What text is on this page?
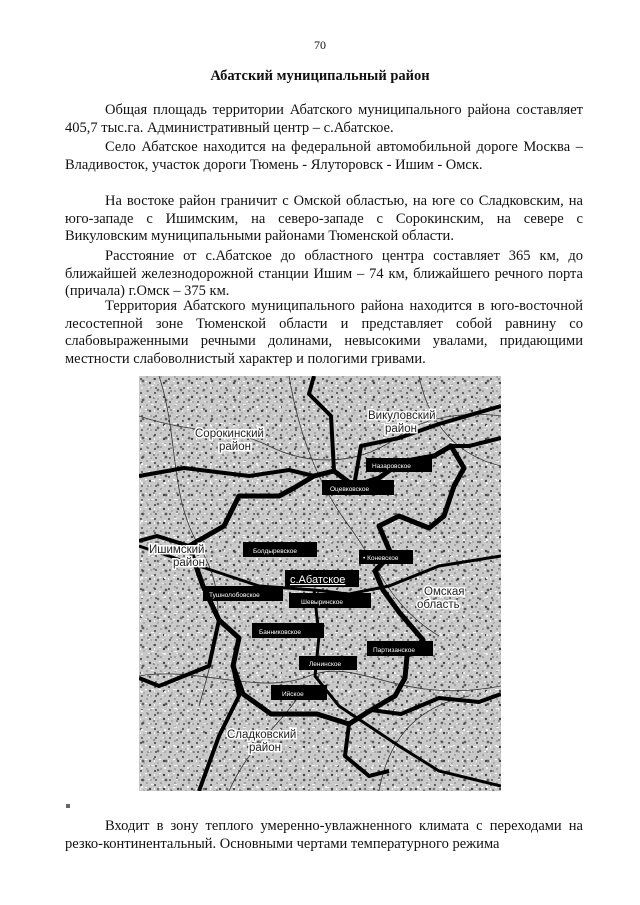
70
Абатский муниципальный район

Общая площадь территории Абатского муниципального района составляет 405,7 тыс.га. Административный центр – с.Абатское.

Село Абатское находится на федеральной автомобильной дороге Москва – Владивосток, участок дороги Тюмень - Ялуторовск - Ишим - Омск.

На востоке район граничит с Омской областью, на юге со Сладковским, на юго-западе с Ишимским, на северо-западе с Сорокинским, на севере с Викуловским муниципальными районами Тюменской области.

Расстояние от с.Абатское до областного центра составляет 365 км, до ближайшей железнодорожной станции Ишим – 74 км, ближайшего речного порта (причала) г.Омск – 375 км.

Территория Абатского муниципального района находится в юго-восточной лесостепной зоне Тюменской области и представляет собой равнину со слабовыраженными речными долинами, невысокими увалами, придающими местности слабоволнистый характер и пологими гривами.

Сорокинский
район
Викуловский
район
Ишимский
район
Омская
область
Сладковский
район
Назаровское
Оцевковское
Болдыревское
• Коневское
с.Абатское
Тушнолобовское
Шевыринское
Банниковское
Партизанское
Ленинское
Ийское

Входит в зону теплого умеренно-увлажненного климата с переходами на резко-континентальный. Основными чертами температурного режима
